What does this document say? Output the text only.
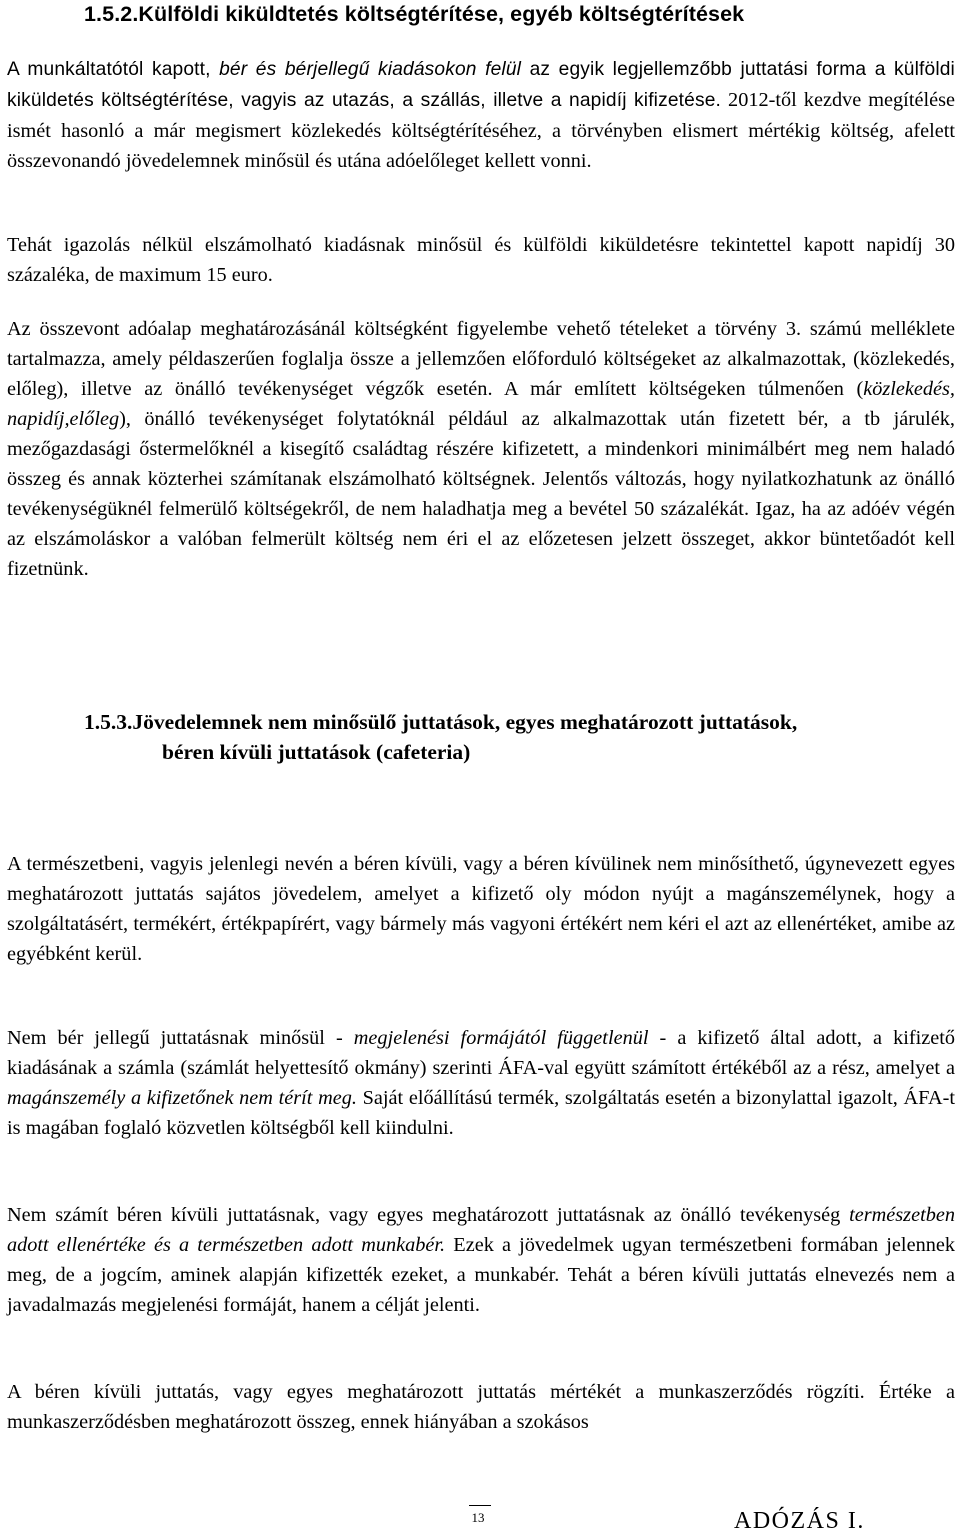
1.5.2.Külföldi kiküldtetés költségtérítése, egyéb költségtérítések

A munkáltatótól kapott, bér és bérjellegű kiadásokon felül az egyik legjellemzőbb juttatási forma a külföldi kiküldetés költségtérítése, vagyis az utazás, a szállás, illetve a napidíj kifizetése. 2012-től kezdve megítélése ismét hasonló a már megismert közlekedés költségtérítéséhez, a törvényben elismert mértékig költség, afelett összevonandó jövedelemnek minősül és utána adóelőleget kellett vonni.

Tehát igazolás nélkül elszámolható kiadásnak minősül és külföldi kiküldetésre tekintettel kapott napidíj 30 százaléka, de maximum 15 euro.

Az összevont adóalap meghatározásánál költségként figyelembe vehető tételeket a törvény 3. számú melléklete tartalmazza, amely példaszerűen foglalja össze a jellemzően előforduló költségeket az alkalmazottak, (közlekedés, előleg), illetve az önálló tevékenységet végzők esetén. A már említett költségeken túlmenően (közlekedés, napidíj,előleg), önálló tevékenységet folytatóknál például az alkalmazottak után fizetett bér, a tb járulék, mezőgazdasági őstermelőknél a kisegítő családtag részére kifizetett, a mindenkori minimálbért meg nem haladó összeg és annak közterhei számítanak elszámolható költségnek. Jelentős változás, hogy nyilatkozhatunk az önálló tevékenységüknél felmerülő költségekről, de nem haladhatja meg a bevétel 50 százalékát. Igaz, ha az adóév végén az elszámoláskor a valóban felmerült költség nem éri el az előzetesen jelzett összeget, akkor büntetőadót kell fizetnünk.

1.5.3.Jövedelemnek nem minősülő juttatások, egyes meghatározott juttatások,
béren kívüli juttatások (cafeteria)

A természetbeni, vagyis jelenlegi nevén a béren kívüli, vagy a béren kívülinek nem minősíthető, úgynevezett egyes meghatározott juttatás sajátos jövedelem, amelyet a kifizető oly módon nyújt a magánszemélynek, hogy a szolgáltatásért, termékért, értékpapírért, vagy bármely más vagyoni értékért nem kéri el azt az ellenértéket, amibe az egyébként kerül.

Nem bér jellegű juttatásnak minősül - megjelenési formájától függetlenül - a kifizető által adott, a kifizető kiadásának a számla (számlát helyettesítő okmány) szerinti ÁFA-val együtt számított értékéből az a rész, amelyet a magánszemély a kifizetőnek nem térít meg. Saját előállítású termék, szolgáltatás esetén a bizonylattal igazolt, ÁFA-t is magában foglaló közvetlen költségből kell kiindulni.

Nem számít béren kívüli juttatásnak, vagy egyes meghatározott juttatásnak az önálló tevékenység természetben adott ellenértéke és a természetben adott munkabér. Ezek a jövedelmek ugyan természetbeni formában jelennek meg, de a jogcím, aminek alapján kifizették ezeket, a munkabér. Tehát a béren kívüli juttatás elnevezés nem a javadalmazás megjelenési formáját, hanem a célját jelenti.

A béren kívüli juttatás, vagy egyes meghatározott juttatás mértékét a munkaszerződés rögzíti. Értéke a munkaszerződésben meghatározott összeg, ennek hiányában a szokásos

13	ADÓZÁS I.
